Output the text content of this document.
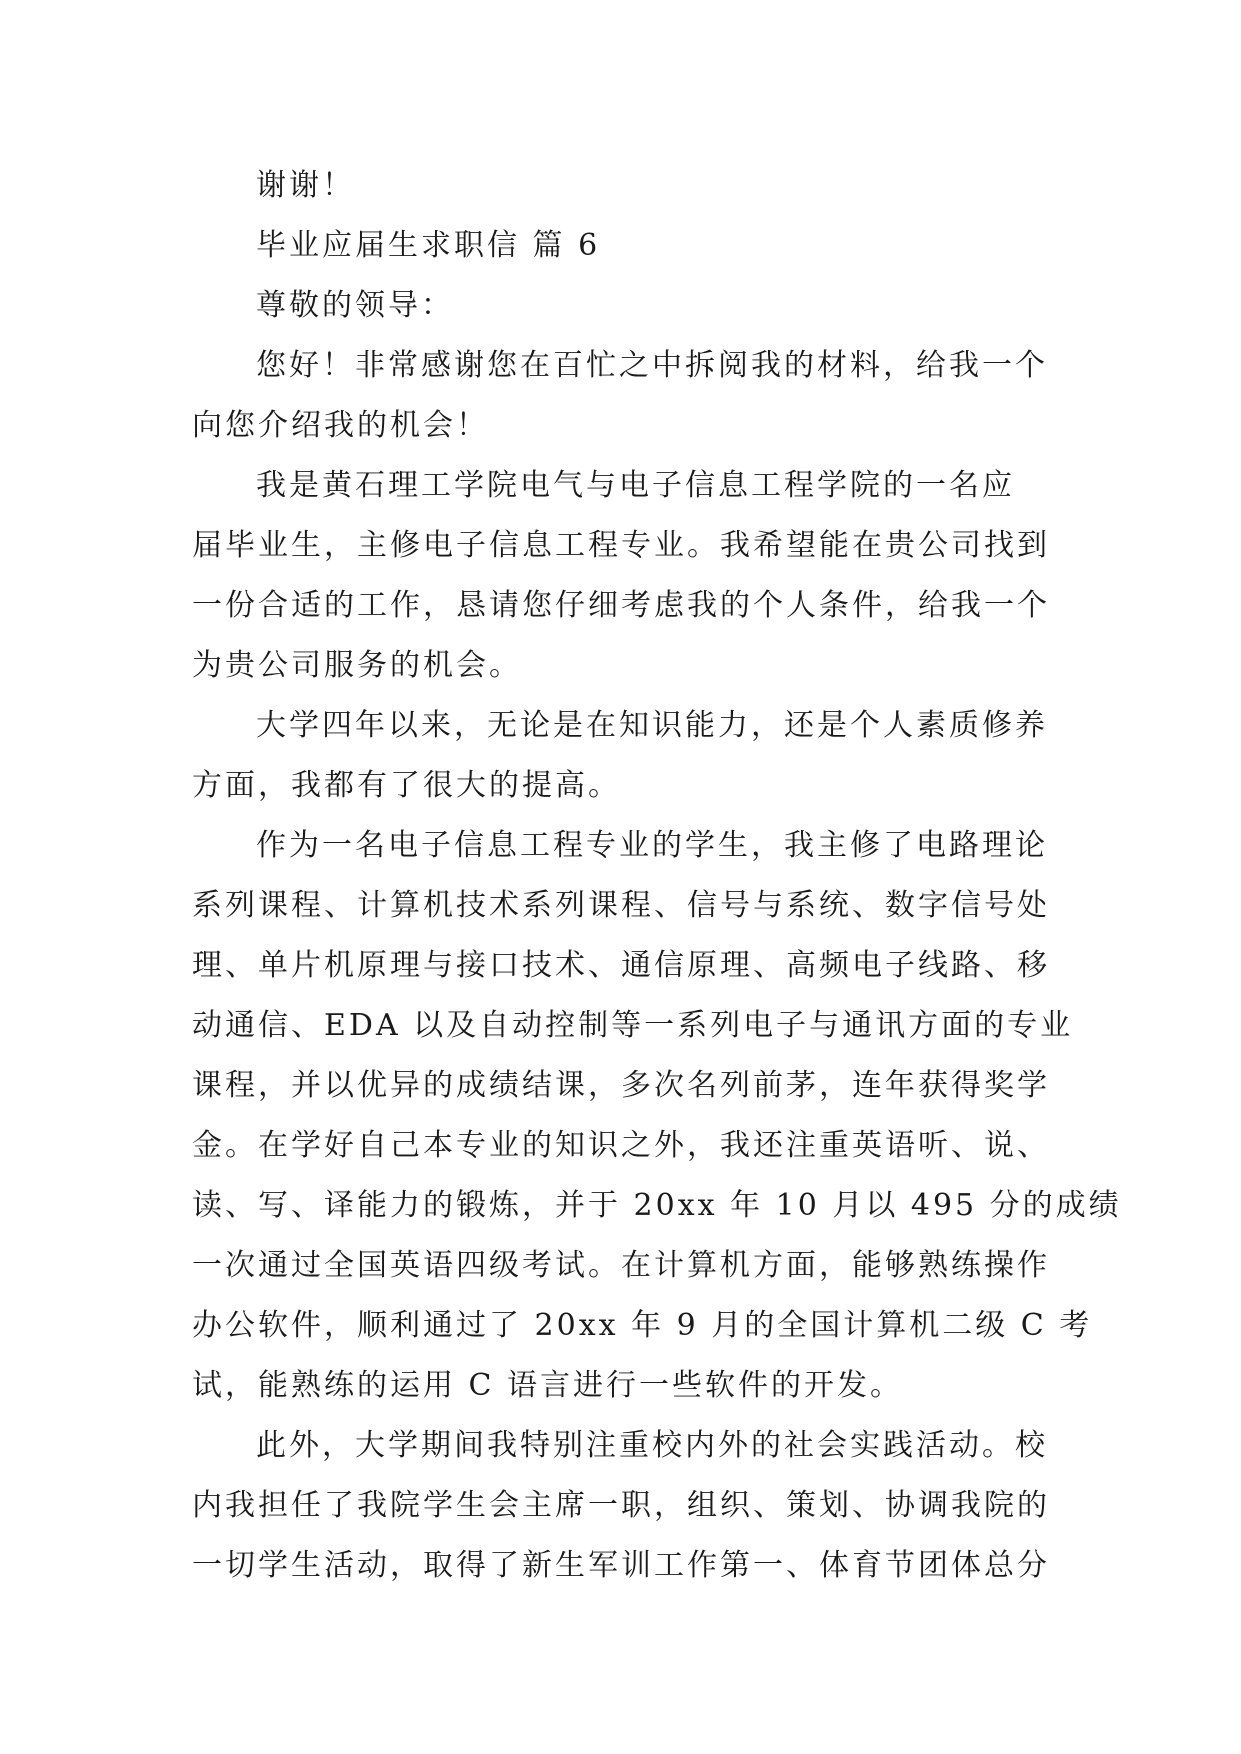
谢谢！
毕业应届生求职信 篇 6
尊敬的领导：
您好！非常感谢您在百忙之中拆阅我的材料，给我一个
向您介绍我的机会！
我是黄石理工学院电气与电子信息工程学院的一名应
届毕业生，主修电子信息工程专业。我希望能在贵公司找到
一份合适的工作，恳请您仔细考虑我的个人条件，给我一个
为贵公司服务的机会。
大学四年以来，无论是在知识能力，还是个人素质修养
方面，我都有了很大的提高。
作为一名电子信息工程专业的学生，我主修了电路理论
系列课程、计算机技术系列课程、信号与系统、数字信号处
理、单片机原理与接口技术、通信原理、高频电子线路、移
动通信、EDA 以及自动控制等一系列电子与通讯方面的专业
课程，并以优异的成绩结课，多次名列前茅，连年获得奖学
金。在学好自己本专业的知识之外，我还注重英语听、说、
读、写、译能力的锻炼，并于 20xx 年 10 月以 495 分的成绩
一次通过全国英语四级考试。在计算机方面，能够熟练操作
办公软件，顺利通过了 20xx 年 9 月的全国计算机二级 C 考
试，能熟练的运用 C 语言进行一些软件的开发。
此外，大学期间我特别注重校内外的社会实践活动。校
内我担任了我院学生会主席一职，组织、策划、协调我院的
一切学生活动，取得了新生军训工作第一、体育节团体总分
